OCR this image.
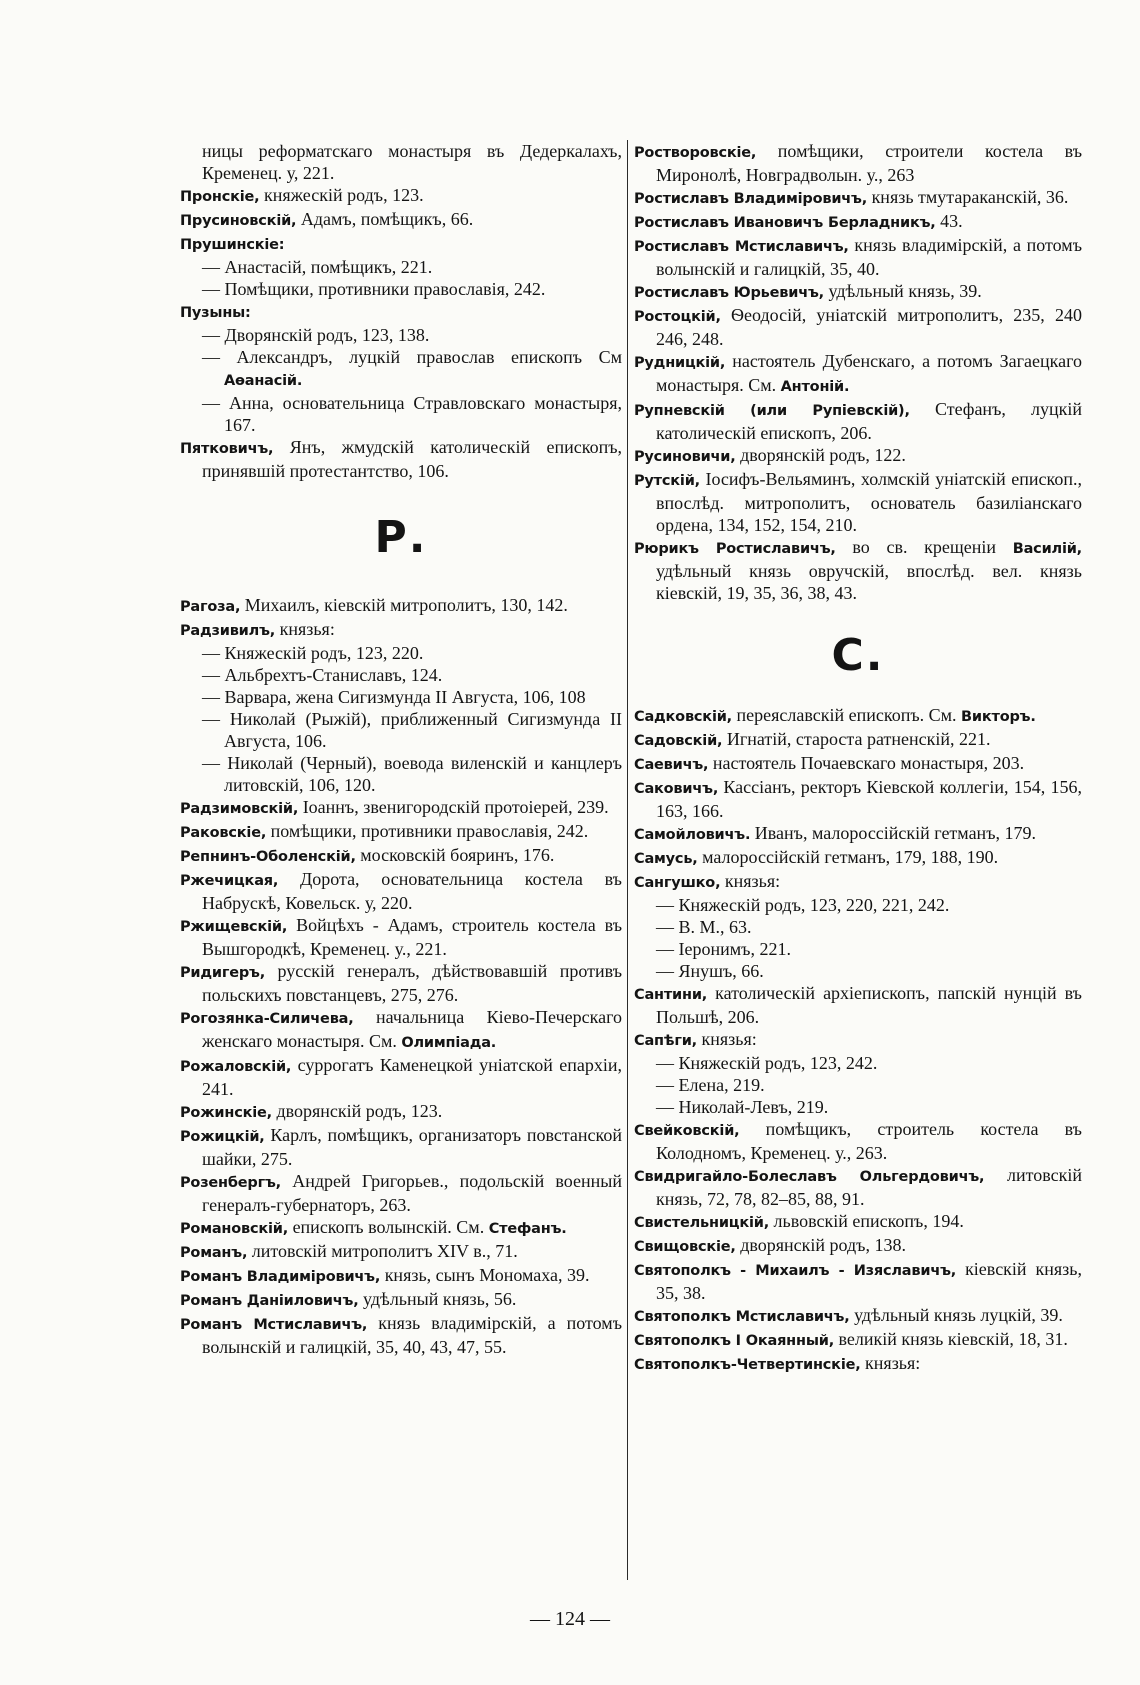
ницы реформатскаго монастыря въ Дедеркалахъ, Кременец. у, 221.

Пронскіе, княжескій родъ, 123.

Прусиновскій, Адамъ, помѣщикъ, 66.

Прушинскіе:

— Анастасій, помѣщикъ, 221.

— Помѣщики, противники православія, 242.

Пузыны:

— Дворянскій родъ, 123, 138.

— Александръ, луцкій православ епископъ См Аѳанасій.

— Анна, основательница Стравловскаго монастыря, 167.

Пятковичъ, Янъ, жмудскій католическій епископъ, принявшій протестантство, 106.

Р.

Рагоза, Михаилъ, кіевскій митрополитъ, 130, 142.

Радзивилъ, князья:

— Княжескій родъ, 123, 220.

— Альбрехтъ-Станиславъ, 124.

— Варвара, жена Сигизмунда II Августа, 106, 108

— Николай (Рыжій), приближенный Сигизмунда II Августа, 106.

— Николай (Черный), воевода виленскій и канцлеръ литовскій, 106, 120.

Радзимовскій, Іоаннъ, звенигородскій протоіерей, 239.

Раковскіе, помѣщики, противники православія, 242.

Репнинъ-Оболенскій, московскій бояринъ, 176.

Ржечицкая, Дорота, основательница костела въ Набрускѣ, Ковельск. у, 220.

Ржищевскій, Войцѣхъ - Адамъ, строитель костела въ Вышгородкѣ, Кременец. у., 221.

Ридигеръ, русскій генералъ, дѣйствовавшій противъ польскихъ повстанцевъ, 275, 276.

Рогозянка-Силичева, начальница Кіево-Печерскаго женскаго монастыря. См. Олимпіада.

Рожаловскій, суррогатъ Каменецкой уніатской епархіи, 241.

Рожинскіе, дворянскій родъ, 123.

Рожицкій, Карлъ, помѣщикъ, организаторъ повстанской шайки, 275.

Розенбергъ, Андрей Григорьев., подольскій военный генералъ-губернаторъ, 263.

Романовскій, епископъ волынскій. См. Стефанъ.

Романъ, литовскій митрополитъ XIV в., 71.

Романъ Владиміровичъ, князь, сынъ Мономаха, 39.

Романъ Даніиловичъ, удѣльный князь, 56.

Романъ Мстиславичъ, князь владимірскій, а потомъ волынскій и галицкій, 35, 40, 43, 47, 55.

Ростворовскіе, помѣщики, строители костела въ Миронолѣ, Новградволын. у., 263

Ростиславъ Владиміровичъ, князь тмутараканскій, 36.

Ростиславъ Ивановичъ Берладникъ, 43.

Ростиславъ Мстиславичъ, князь владимірскій, а потомъ волынскій и галицкій, 35, 40.

Ростиславъ Юрьевичъ, удѣльный князь, 39.

Ростоцкій, Ѳеодосій, уніатскій митрополитъ, 235, 240 246, 248.

Рудницкій, настоятель Дубенскаго, а потомъ Загаецкаго монастыря. См. Антоній.

Рупневскій (или Рупіевскій), Стефанъ, луцкій католическій епископъ, 206.

Русиновичи, дворянскій родъ, 122.

Рутскій, Іосифъ-Вельяминъ, холмскій уніатскій епископ., впослѣд. митрополитъ, основатель базиліанскаго ордена, 134, 152, 154, 210.

Рюрикъ Ростиславичъ, во св. крещеніи Василій, удѣльный князь овручскій, впослѣд. вел. князь кіевскій, 19, 35, 36, 38, 43.

С.

Садковскій, переяславскій епископъ. См. Викторъ.

Садовскій, Игнатій, староста ратненскій, 221.

Саевичъ, настоятель Почаевскаго монастыря, 203.

Саковичъ, Кассіанъ, ректоръ Кіевской коллегіи, 154, 156, 163, 166.

Самойловичъ. Иванъ, малороссійскій гетманъ, 179.

Самусь, малороссійскій гетманъ, 179, 188, 190.

Сангушко, князья:

— Княжескій родъ, 123, 220, 221, 242.

— В. М., 63.

— Іеронимъ, 221.

— Янушъ, 66.

Сантини, католическій архіепископъ, папскій нунцій въ Польшѣ, 206.

Сапѣги, князья:

— Княжескій родъ, 123, 242.

— Елена, 219.

— Николай-Левъ, 219.

Свейковскій, помѣщикъ, строитель костела въ Колодномъ, Кременец. у., 263.

Свидригайло-Болеславъ Ольгердовичъ, литовскій князь, 72, 78, 82–85, 88, 91.

Свистельницкій, львовскій епископъ, 194.

Свищовскіе, дворянскій родъ, 138.

Святополкъ - Михаилъ - Изяславичъ, кіевскій князь, 35, 38.

Святополкъ Мстиславичъ, удѣльный князь луцкій, 39.

Святополкъ I Окаянный, великій князь кіевскій, 18, 31.

Святополкъ-Четвертинскіе, князья:

— 124 —
